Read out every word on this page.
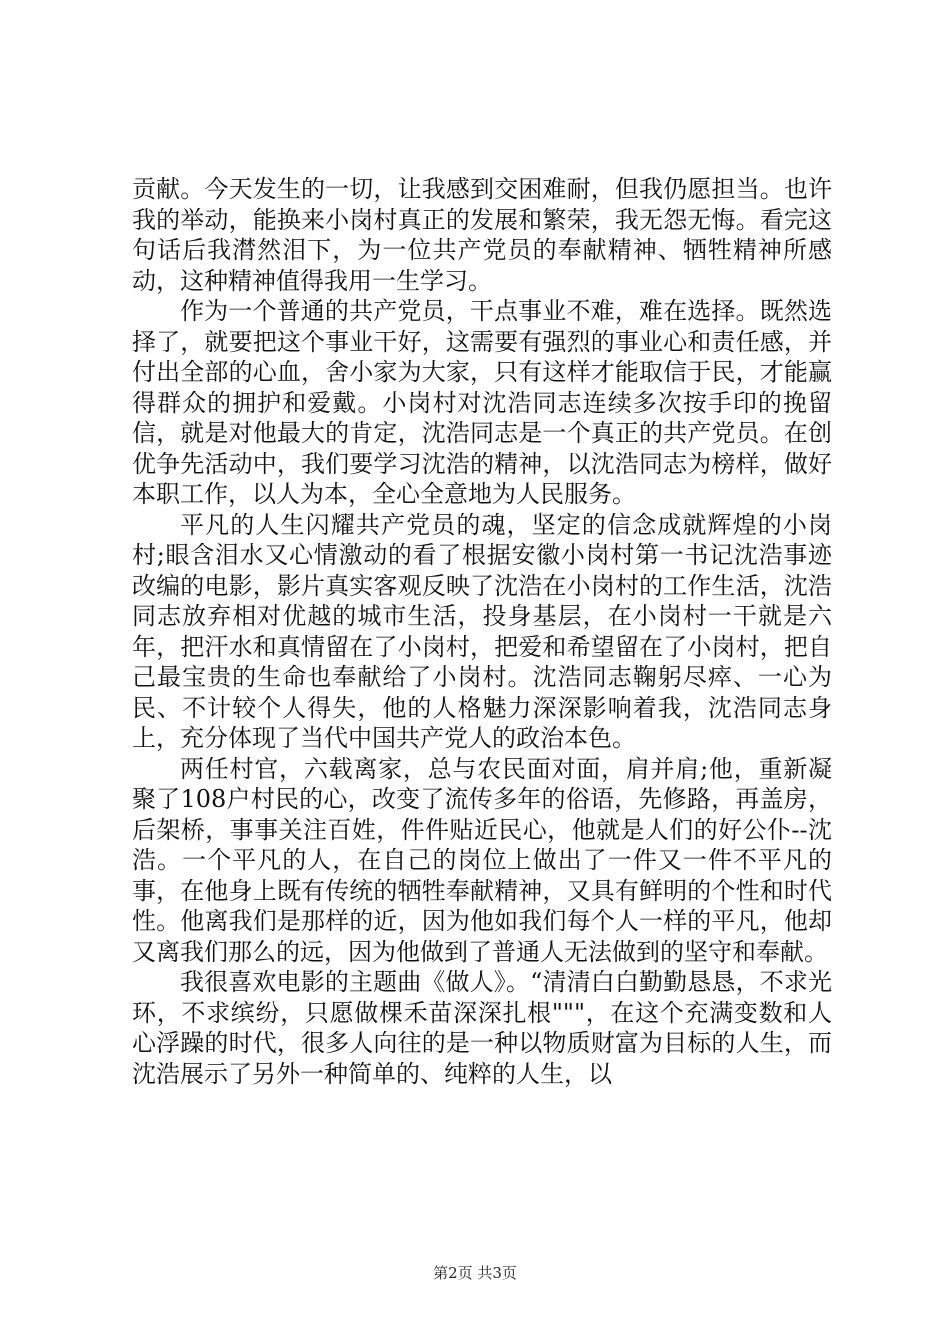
贡献。今天发生的一切，让我感到交困难耐，但我仍愿担当。也许我的举动，能换来小岗村真正的发展和繁荣，我无怨无悔。看完这句话后我潸然泪下，为一位共产党员的奉献精神、牺牲精神所感动，这种精神值得我用一生学习。

作为一个普通的共产党员，干点事业不难，难在选择。既然选择了，就要把这个事业干好，这需要有强烈的事业心和责任感，并付出全部的心血，舍小家为大家，只有这样才能取信于民，才能赢得群众的拥护和爱戴。小岗村对沈浩同志连续多次按手印的挽留信，就是对他最大的肯定，沈浩同志是一个真正的共产党员。在创优争先活动中，我们要学习沈浩的精神，以沈浩同志为榜样，做好本职工作，以人为本，全心全意地为人民服务。

平凡的人生闪耀共产党员的魂，坚定的信念成就辉煌的小岗村;眼含泪水又心情激动的看了根据安徽小岗村第一书记沈浩事迹改编的电影，影片真实客观反映了沈浩在小岗村的工作生活，沈浩同志放弃相对优越的城市生活，投身基层，在小岗村一干就是六年，把汗水和真情留在了小岗村，把爱和希望留在了小岗村，把自己最宝贵的生命也奉献给了小岗村。沈浩同志鞠躬尽瘁、一心为民、不计较个人得失，他的人格魅力深深影响着我，沈浩同志身上，充分体现了当代中国共产党人的政治本色。

两任村官，六载离家，总与农民面对面，肩并肩;他，重新凝聚了108户村民的心，改变了流传多年的俗语，先修路，再盖房，后架桥，事事关注百姓，件件贴近民心，他就是人们的好公仆--沈浩。一个平凡的人，在自己的岗位上做出了一件又一件不平凡的事，在他身上既有传统的牺牲奉献精神，又具有鲜明的个性和时代性。他离我们是那样的近，因为他如我们每个人一样的平凡，他却又离我们那么的远，因为他做到了普通人无法做到的坚守和奉献。

我很喜欢电影的主题曲《做人》。“清清白白勤勤恳恳，不求光环，不求缤纷，只愿做棵禾苗深深扎根"""，在这个充满变数和人心浮躁的时代，很多人向往的是一种以物质财富为目标的人生，而沈浩展示了另外一种简单的、纯粹的人生，以

第2页 共3页
